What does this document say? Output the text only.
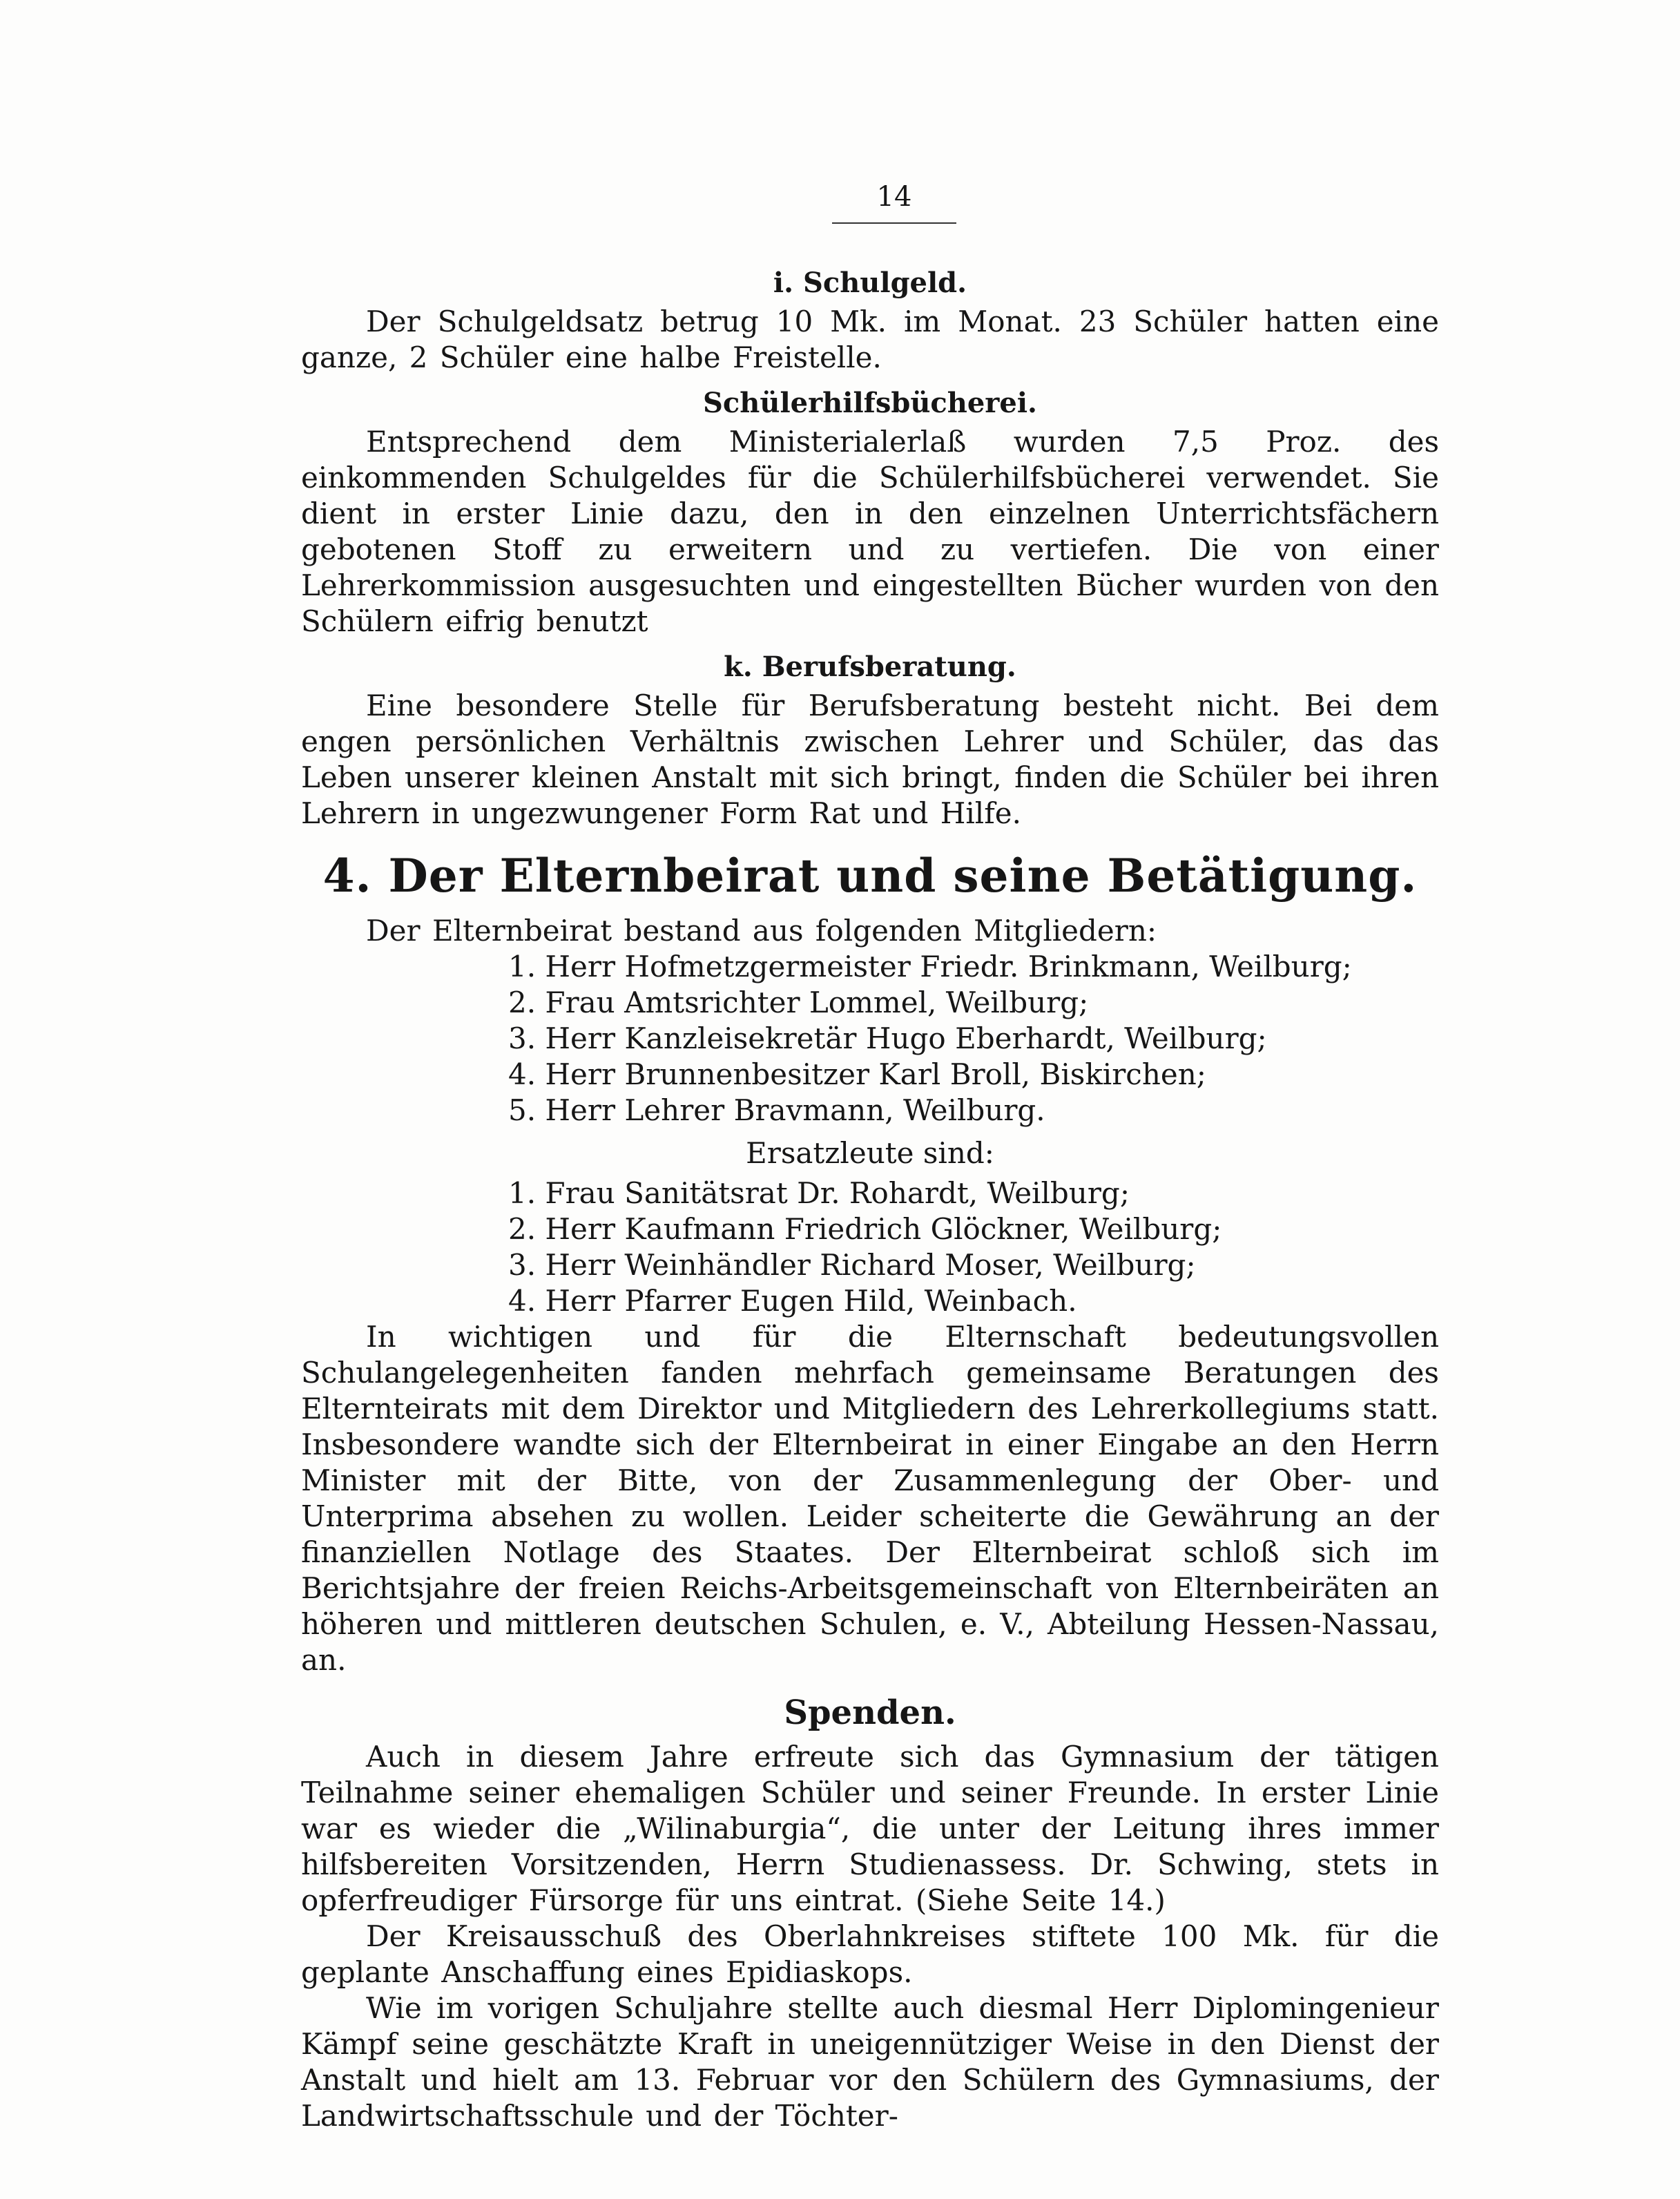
14
i. Schulgeld.

Der Schulgeldsatz betrug 10 Mk. im Monat. 23 Schüler hatten eine ganze, 2 Schüler eine halbe Freistelle.

Schülerhilfsbücherei.

Entsprechend dem Ministerialerlaß wurden 7,5 Proz. des einkommenden Schulgeldes für die Schülerhilfsbücherei verwendet. Sie dient in erster Linie dazu, den in den einzelnen Unterrichtsfächern gebotenen Stoff zu erweitern und zu vertiefen. Die von einer Lehrerkommission ausgesuchten und eingestellten Bücher wurden von den Schülern eifrig benutzt

k. Berufsberatung.

Eine besondere Stelle für Berufsberatung besteht nicht. Bei dem engen persönlichen Verhältnis zwischen Lehrer und Schüler, das das Leben unserer kleinen Anstalt mit sich bringt, finden die Schüler bei ihren Lehrern in ungezwungener Form Rat und Hilfe.

4. Der Elternbeirat und seine Betätigung.

Der Elternbeirat bestand aus folgenden Mitgliedern:

1. Herr Hofmetzgermeister Friedr. Brinkmann, Weilburg;
2. Frau Amtsrichter Lommel, Weilburg;
3. Herr Kanzleisekretär Hugo Eberhardt, Weilburg;
4. Herr Brunnenbesitzer Karl Broll, Biskirchen;
5. Herr Lehrer Bravmann, Weilburg.
Ersatzleute sind:
1. Frau Sanitätsrat Dr. Rohardt, Weilburg;
2. Herr Kaufmann Friedrich Glöckner, Weilburg;
3. Herr Weinhändler Richard Moser, Weilburg;
4. Herr Pfarrer Eugen Hild, Weinbach.

In wichtigen und für die Elternschaft bedeutungsvollen Schulangelegenheiten fanden mehrfach gemeinsame Beratungen des Elternteirats mit dem Direktor und Mitgliedern des Lehrerkollegiums statt. Insbesondere wandte sich der Elternbeirat in einer Eingabe an den Herrn Minister mit der Bitte, von der Zusammenlegung der Ober- und Unterprima absehen zu wollen. Leider scheiterte die Gewährung an der finanziellen Notlage des Staates. Der Elternbeirat schloß sich im Berichtsjahre der freien Reichs-Arbeitsgemeinschaft von Elternbeiräten an höheren und mittleren deutschen Schulen, e. V., Abteilung Hessen-Nassau, an.

Spenden.

Auch in diesem Jahre erfreute sich das Gymnasium der tätigen Teilnahme seiner ehemaligen Schüler und seiner Freunde. In erster Linie war es wieder die „Wilinaburgia“, die unter der Leitung ihres immer hilfsbereiten Vorsitzenden, Herrn Studienassess. Dr. Schwing, stets in opferfreudiger Fürsorge für uns eintrat. (Siehe Seite 14.)

Der Kreisausschuß des Oberlahnkreises stiftete 100 Mk. für die geplante Anschaffung eines Epidiaskops.

Wie im vorigen Schuljahre stellte auch diesmal Herr Diplomingenieur Kämpf seine geschätzte Kraft in uneigennütziger Weise in den Dienst der Anstalt und hielt am 13. Februar vor den Schülern des Gymnasiums, der Landwirtschaftsschule und der Töchter-
